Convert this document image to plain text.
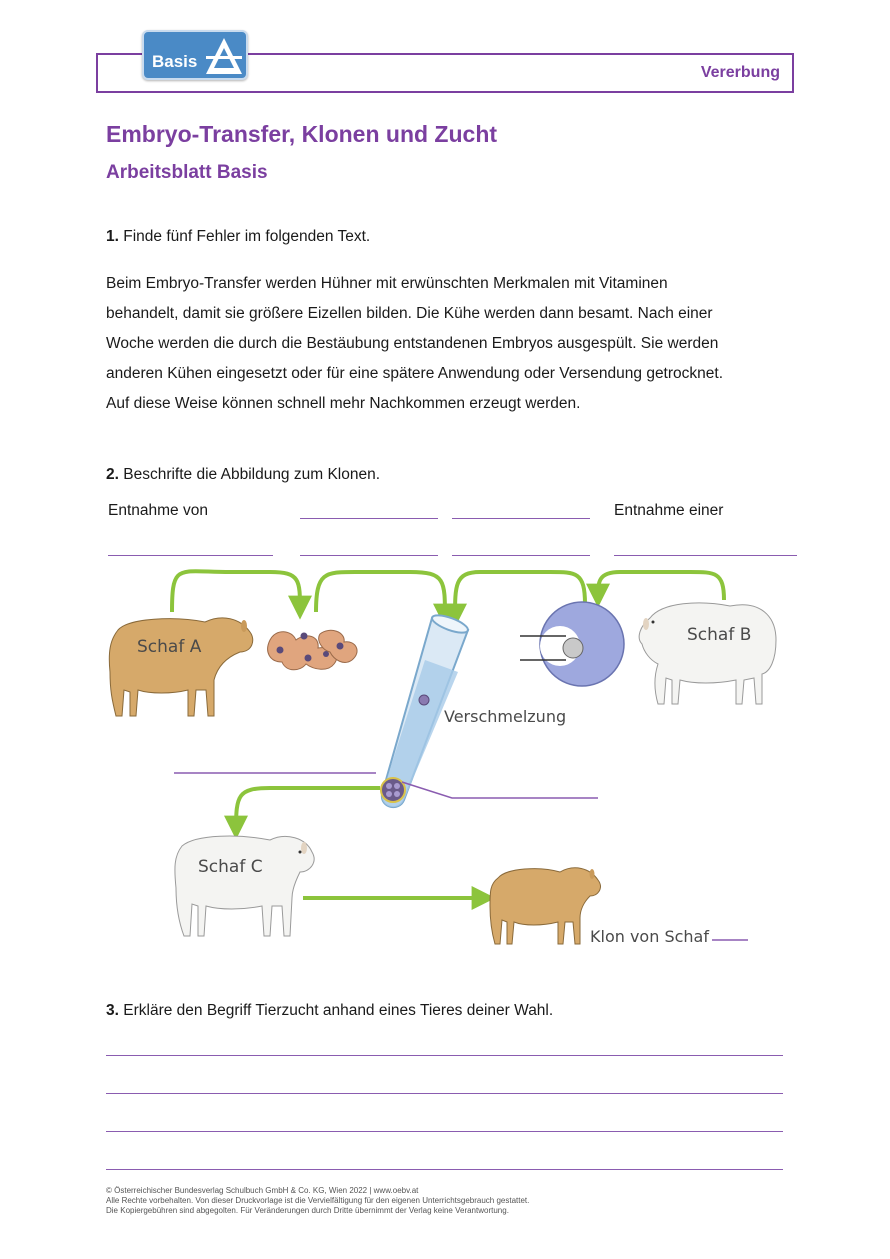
Basis
Vererbung
Embryo-Transfer, Klonen und Zucht
Arbeitsblatt Basis
1. Finde fünf Fehler im folgenden Text.
Beim Embryo-Transfer werden Hühner mit erwünschten Merkmalen mit Vitaminen
behandelt, damit sie größere Eizellen bilden. Die Kühe werden dann besamt. Nach einer
Woche werden die durch die Bestäubung entstandenen Embryos ausgespült. Sie werden
anderen Kühen eingesetzt oder für eine spätere Anwendung oder Versendung getrocknet.
Auf diese Weise können schnell mehr Nachkommen erzeugt werden.
2. Beschrifte die Abbildung zum Klonen.
Entnahme von	Entnahme einer
Schaf A
Verschmelzung
Schaf B
Schaf C
Klon von Schaf
3. Erkläre den Begriff Tierzucht anhand eines Tieres deiner Wahl.
© Österreichischer Bundesverlag Schulbuch GmbH & Co. KG, Wien 2022 | www.oebv.at
Alle Rechte vorbehalten. Von dieser Druckvorlage ist die Vervielfältigung für den eigenen Unterrichtsgebrauch gestattet.
Die Kopiergebühren sind abgegolten. Für Veränderungen durch Dritte übernimmt der Verlag keine Verantwortung.
